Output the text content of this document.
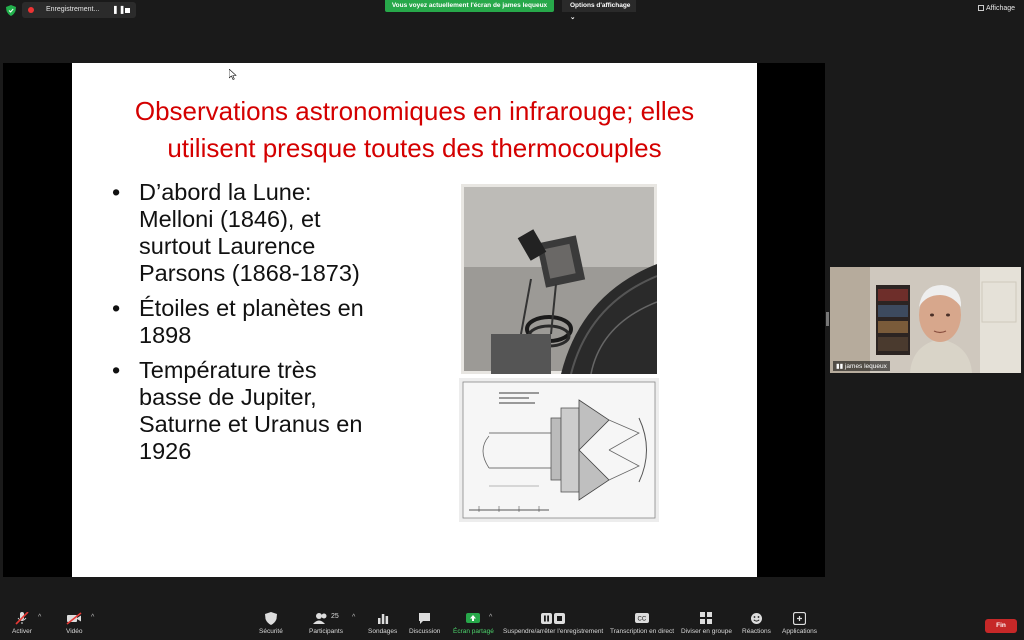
Enregistrement... ❚❚	Vous voyez actuellement l'écran de james lequeux	Options d'affichage ⌄
Affichage
Observations astronomiques en infrarouge; elles
utilisent presque toutes des thermocouples
• D’abord la Lune:
Melloni (1846), et
surtout Laurence
Parsons (1868-1873)
• Étoiles et planètes en
1898
• Température très
basse de Jupiter,
Saturne et Uranus en
1926
▮▮ james lequeux
Activer
^
Vidéo
^
Sécurité
25
Participants
^
Sondages Discussion Écran partagé
^
Suspendre/arrêter l'enregistrement
CC
Transcription en direct Diviser en groupe Réactions Applications
Fin
